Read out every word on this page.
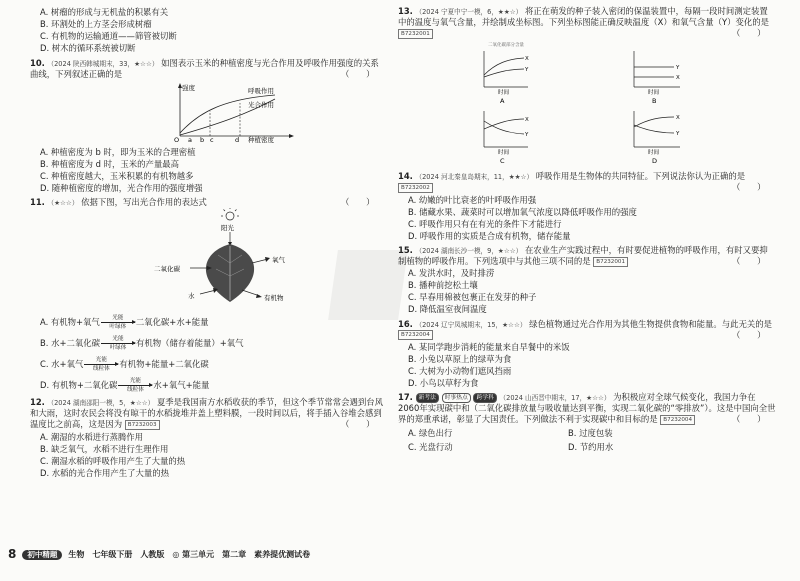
A. 树瘤的形成与无机盐的积累有关
B. 环割处的上方茎会形成树瘤
C. 有机物的运输通道——筛管被切断
D. 树木的循环系统被切断
10. （2024 陕西韩城期末，33，★☆☆） 如图表示玉米的种植密度与光合作用及呼吸作用强度的关系曲线，下列叙述正确的是	（　　）
强度	呼吸作用
光合作用
O a b c	d 种植密度
A. 种植密度为 b 时，即为玉米的合理密植
B. 种植密度为 d 时，玉米的产量最高
C. 种植密度越大，玉米积累的有机物越多
D. 随种植密度的增加，光合作用的强度增强
11. （★☆☆） 依据下图，写出光合作用的表达式	（　　）
阳光
二氧化碳
氧气
水	有机物
A. 有机物+氧气 光能
叶绿体
二氧化碳+水+能量
B. 水+二氧化碳 光能
叶绿体
有机物（储存着能量）+氧气
C. 水+氧气 光能
线粒体
有机物+能量+二氧化碳
D. 有机物+二氧化碳 光能
线粒体
水+氧气+能量
12. （2024 湖南邵阳一模，5，★☆☆） 夏季是我国南方水稻收获的季节，但这个季节常常会遇到台风和大雨，这时农民会将没有晾干的水稻拢堆并盖上塑料膜，一段时间以后，将手插入谷堆会感到温度比之前高，这是因为 B7232003	（　　）
A. 潮湿的水稻进行蒸腾作用
B. 缺乏氧气，水稻不进行生理作用
C. 潮湿水稻的呼吸作用产生了大量的热
D. 水稻的光合作用产生了大量的热
13. （2024 宁夏中宁一模，6，★★☆） 将正在萌发的种子装入密闭的保温装置中，每隔一段时间测定装置中的温度与氧气含量，并绘制成坐标图。下列坐标图能正确反映温度（X）和氧气含量（Y）变化的是 B7232001	（　　）
二氧化碳部分含量
X
Y
时间
A
Y
X
时间
B
X
Y
时间
C
X
Y
时间
D
14. （2024 河北秦皇岛期末，11，★★☆） 呼吸作用是生物体的共同特征。下列说法你认为正确的是 B7232002	（　　）
A. 幼嫩的叶比衰老的叶呼吸作用强
B. 储藏水果、蔬菜时可以增加氧气浓度以降低呼吸作用的强度
C. 呼吸作用只有在有光的条件下才能进行
D. 呼吸作用的实质是合成有机物，储存能量
15. （2024 湖南长沙一模，9，★☆☆） 在农业生产实践过程中，有时要促进植物的呼吸作用，有时又要抑制植物的呼吸作用。下列选项中与其他三项不同的是 B7232001	（　　）
A. 发洪水时，及时排涝
B. 播种前挖松土壤
C. 早春用棉被包裹正在发芽的种子
D. 降低温室夜间温度
16. （2024 辽宁凤城期末，15，★☆☆） 绿色植物通过光合作用为其他生物提供食物和能量。与此无关的是 B7232004	（　　）
A. 某同学跑步消耗的能量来自早餐中的米饭
B. 小兔以草原上的绿草为食
C. 大树为小动物们遮风挡雨
D. 小鸟以草籽为食
17. 新考法 时事热点 跨学科 （2024 山西晋中期末，17，★☆☆） 为积极应对全球气候变化，我国力争在2060年实现碳中和（二氧化碳排放量与吸收量达到平衡，实现二氧化碳的“零排放”）。这是中国向全世界的郑重承诺，彰显了大国责任。下列做法不利于实现碳中和目标的是 B7232004	（　　）
A. 绿色出行	B. 过度包装
C. 光盘行动	D. 节约用水
8	初中精题	生物 七年级下册 人教版 ◎ 第三单元 第二章 素养提优测试卷
